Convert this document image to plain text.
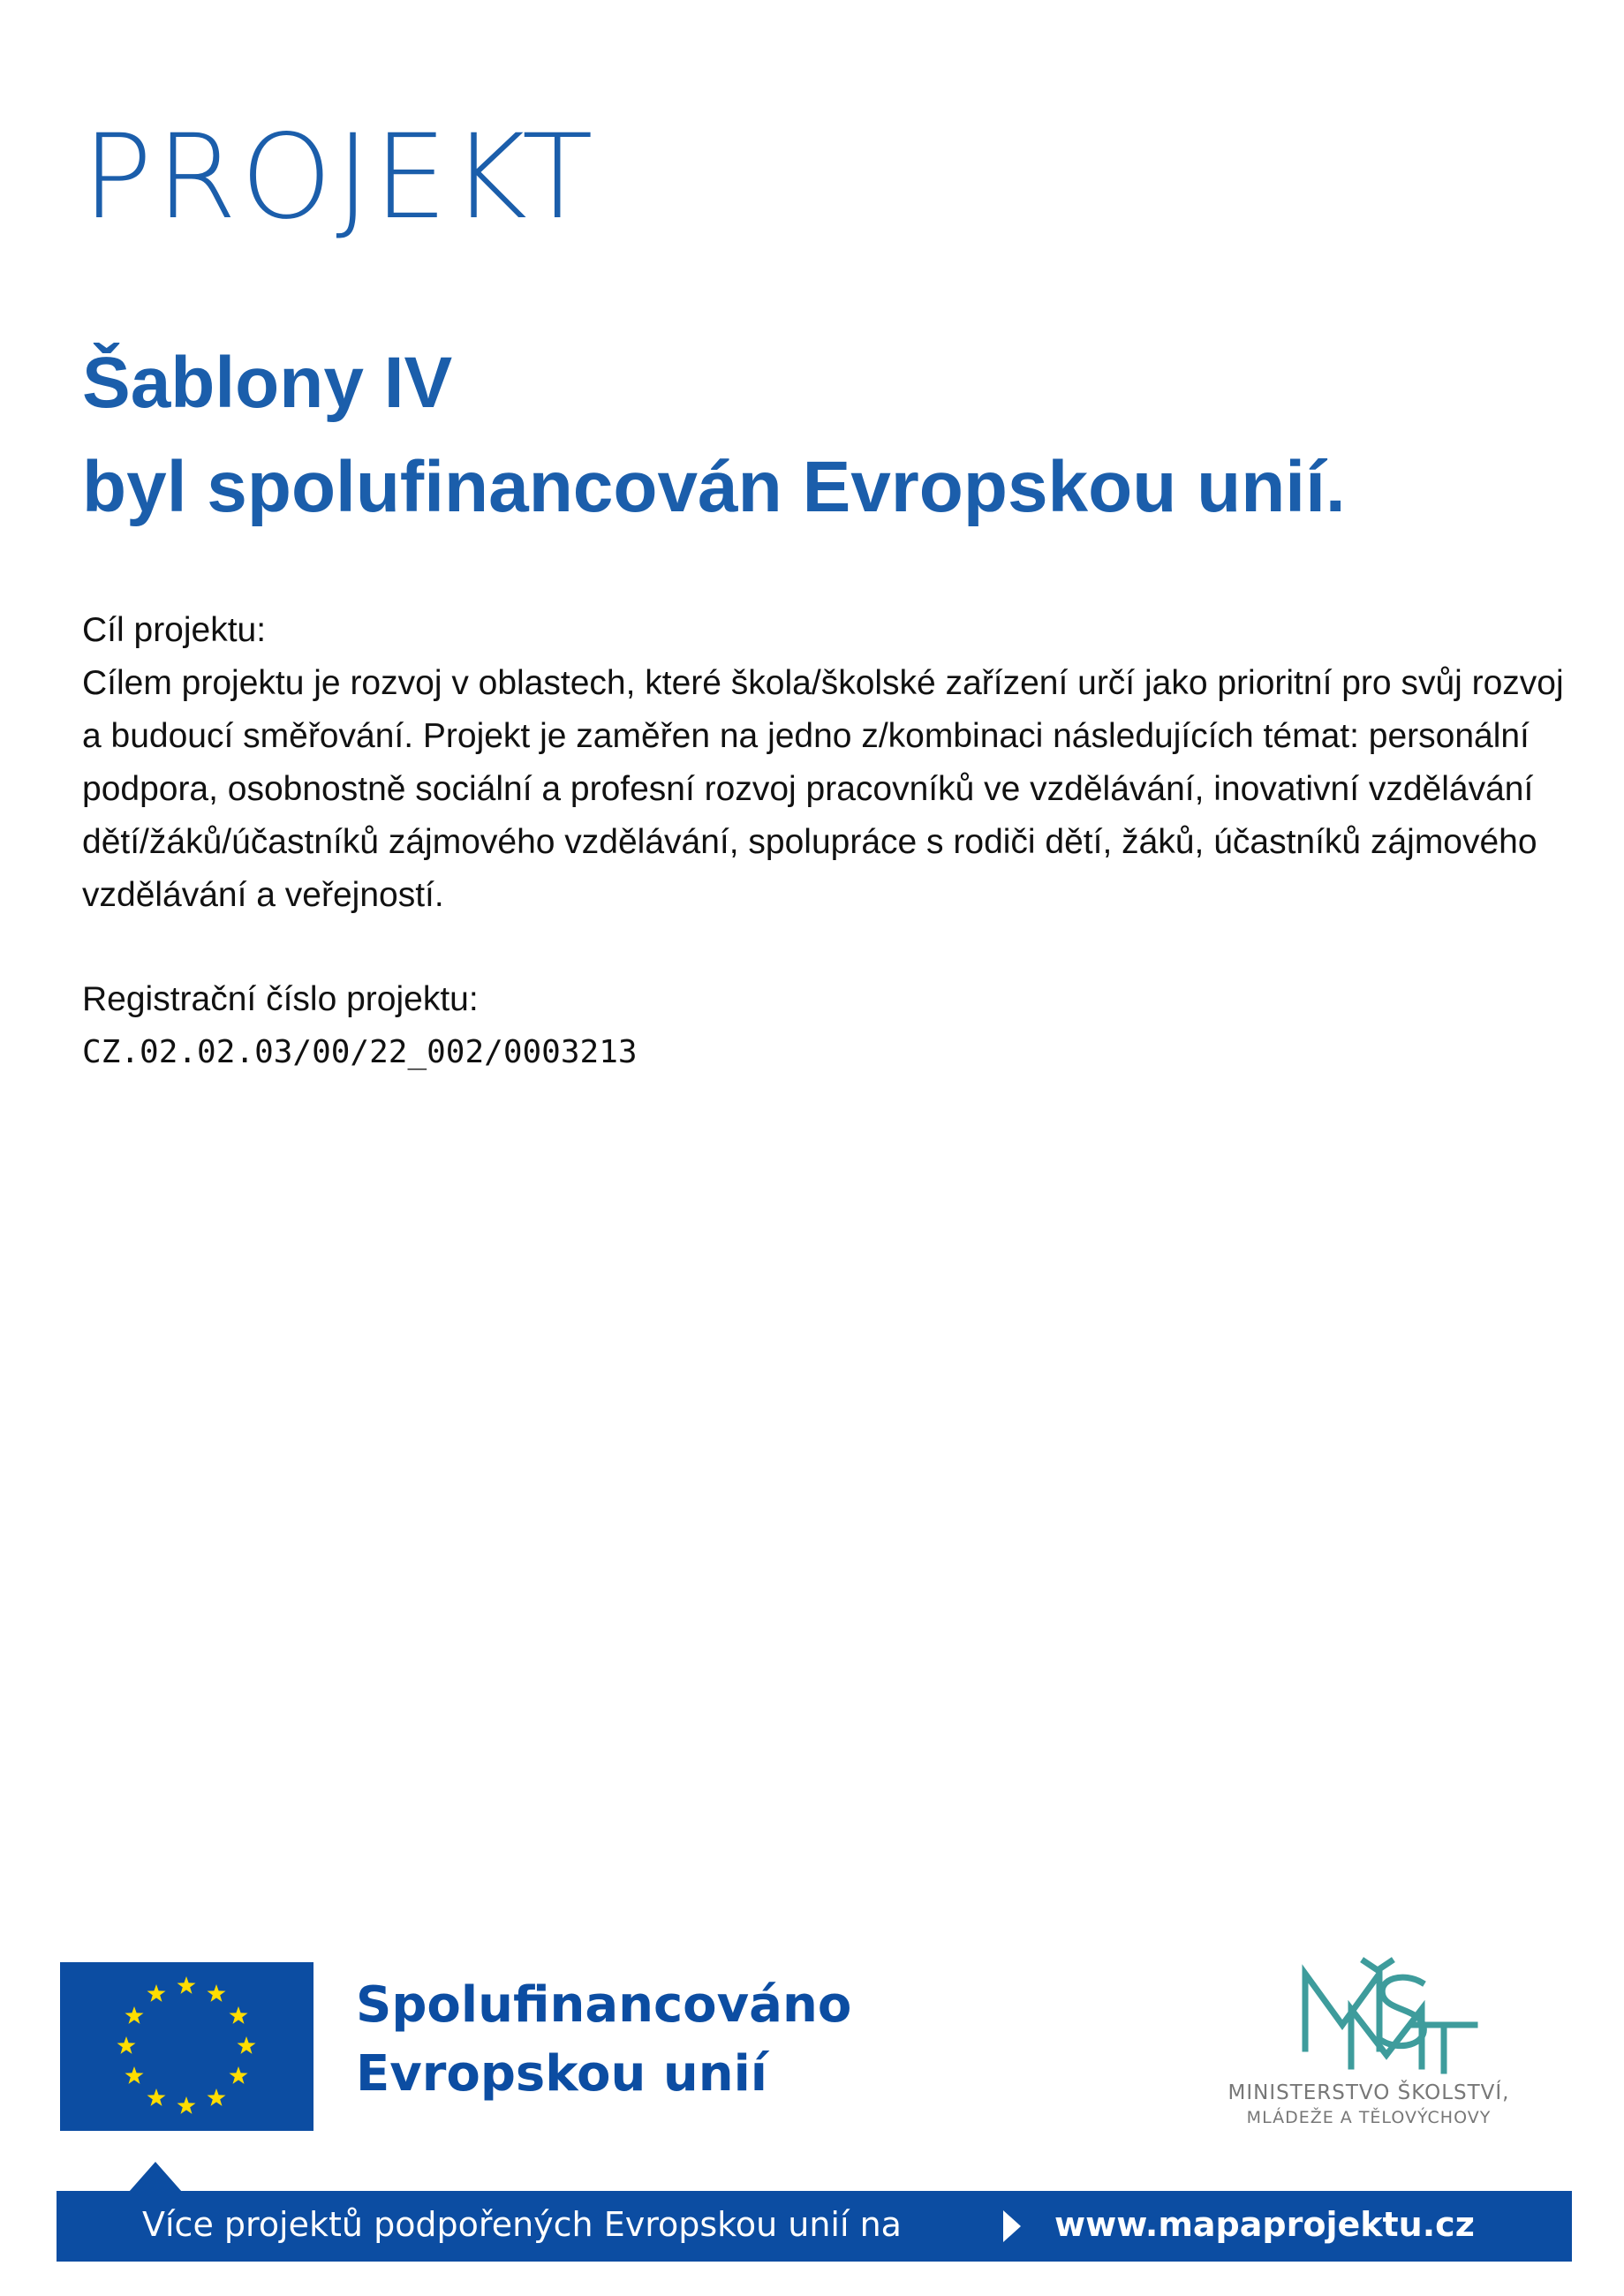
PROJEKT
Šablony IV
byl spolufinancován Evropskou unií.

Cíl projektu:

Cílem projektu je rozvoj v oblastech, které škola/školské zařízení určí jako prioritní pro svůj rozvoj a budoucí směřování. Projekt je zaměřen na jedno z/kombinaci následujících témat: personální podpora, osobnostně sociální a profesní rozvoj pracovníků ve vzdělávání, inovativní vzdělávání dětí/žáků/účastníků zájmového vzdělávání, spolupráce s rodiči dětí, žáků, účastníků zájmového vzdělávání a veřejností.

Registrační číslo projektu:

CZ.02.02.03/00/22_002/0003213

Spolufinancováno
Evropskou unií	MINISTERSTVO ŠKOLSTVÍ,
MLÁDEŽE A TĚLOVÝCHOVY
Více projektů podpořených Evropskou unií na	www.mapaprojektu.cz
